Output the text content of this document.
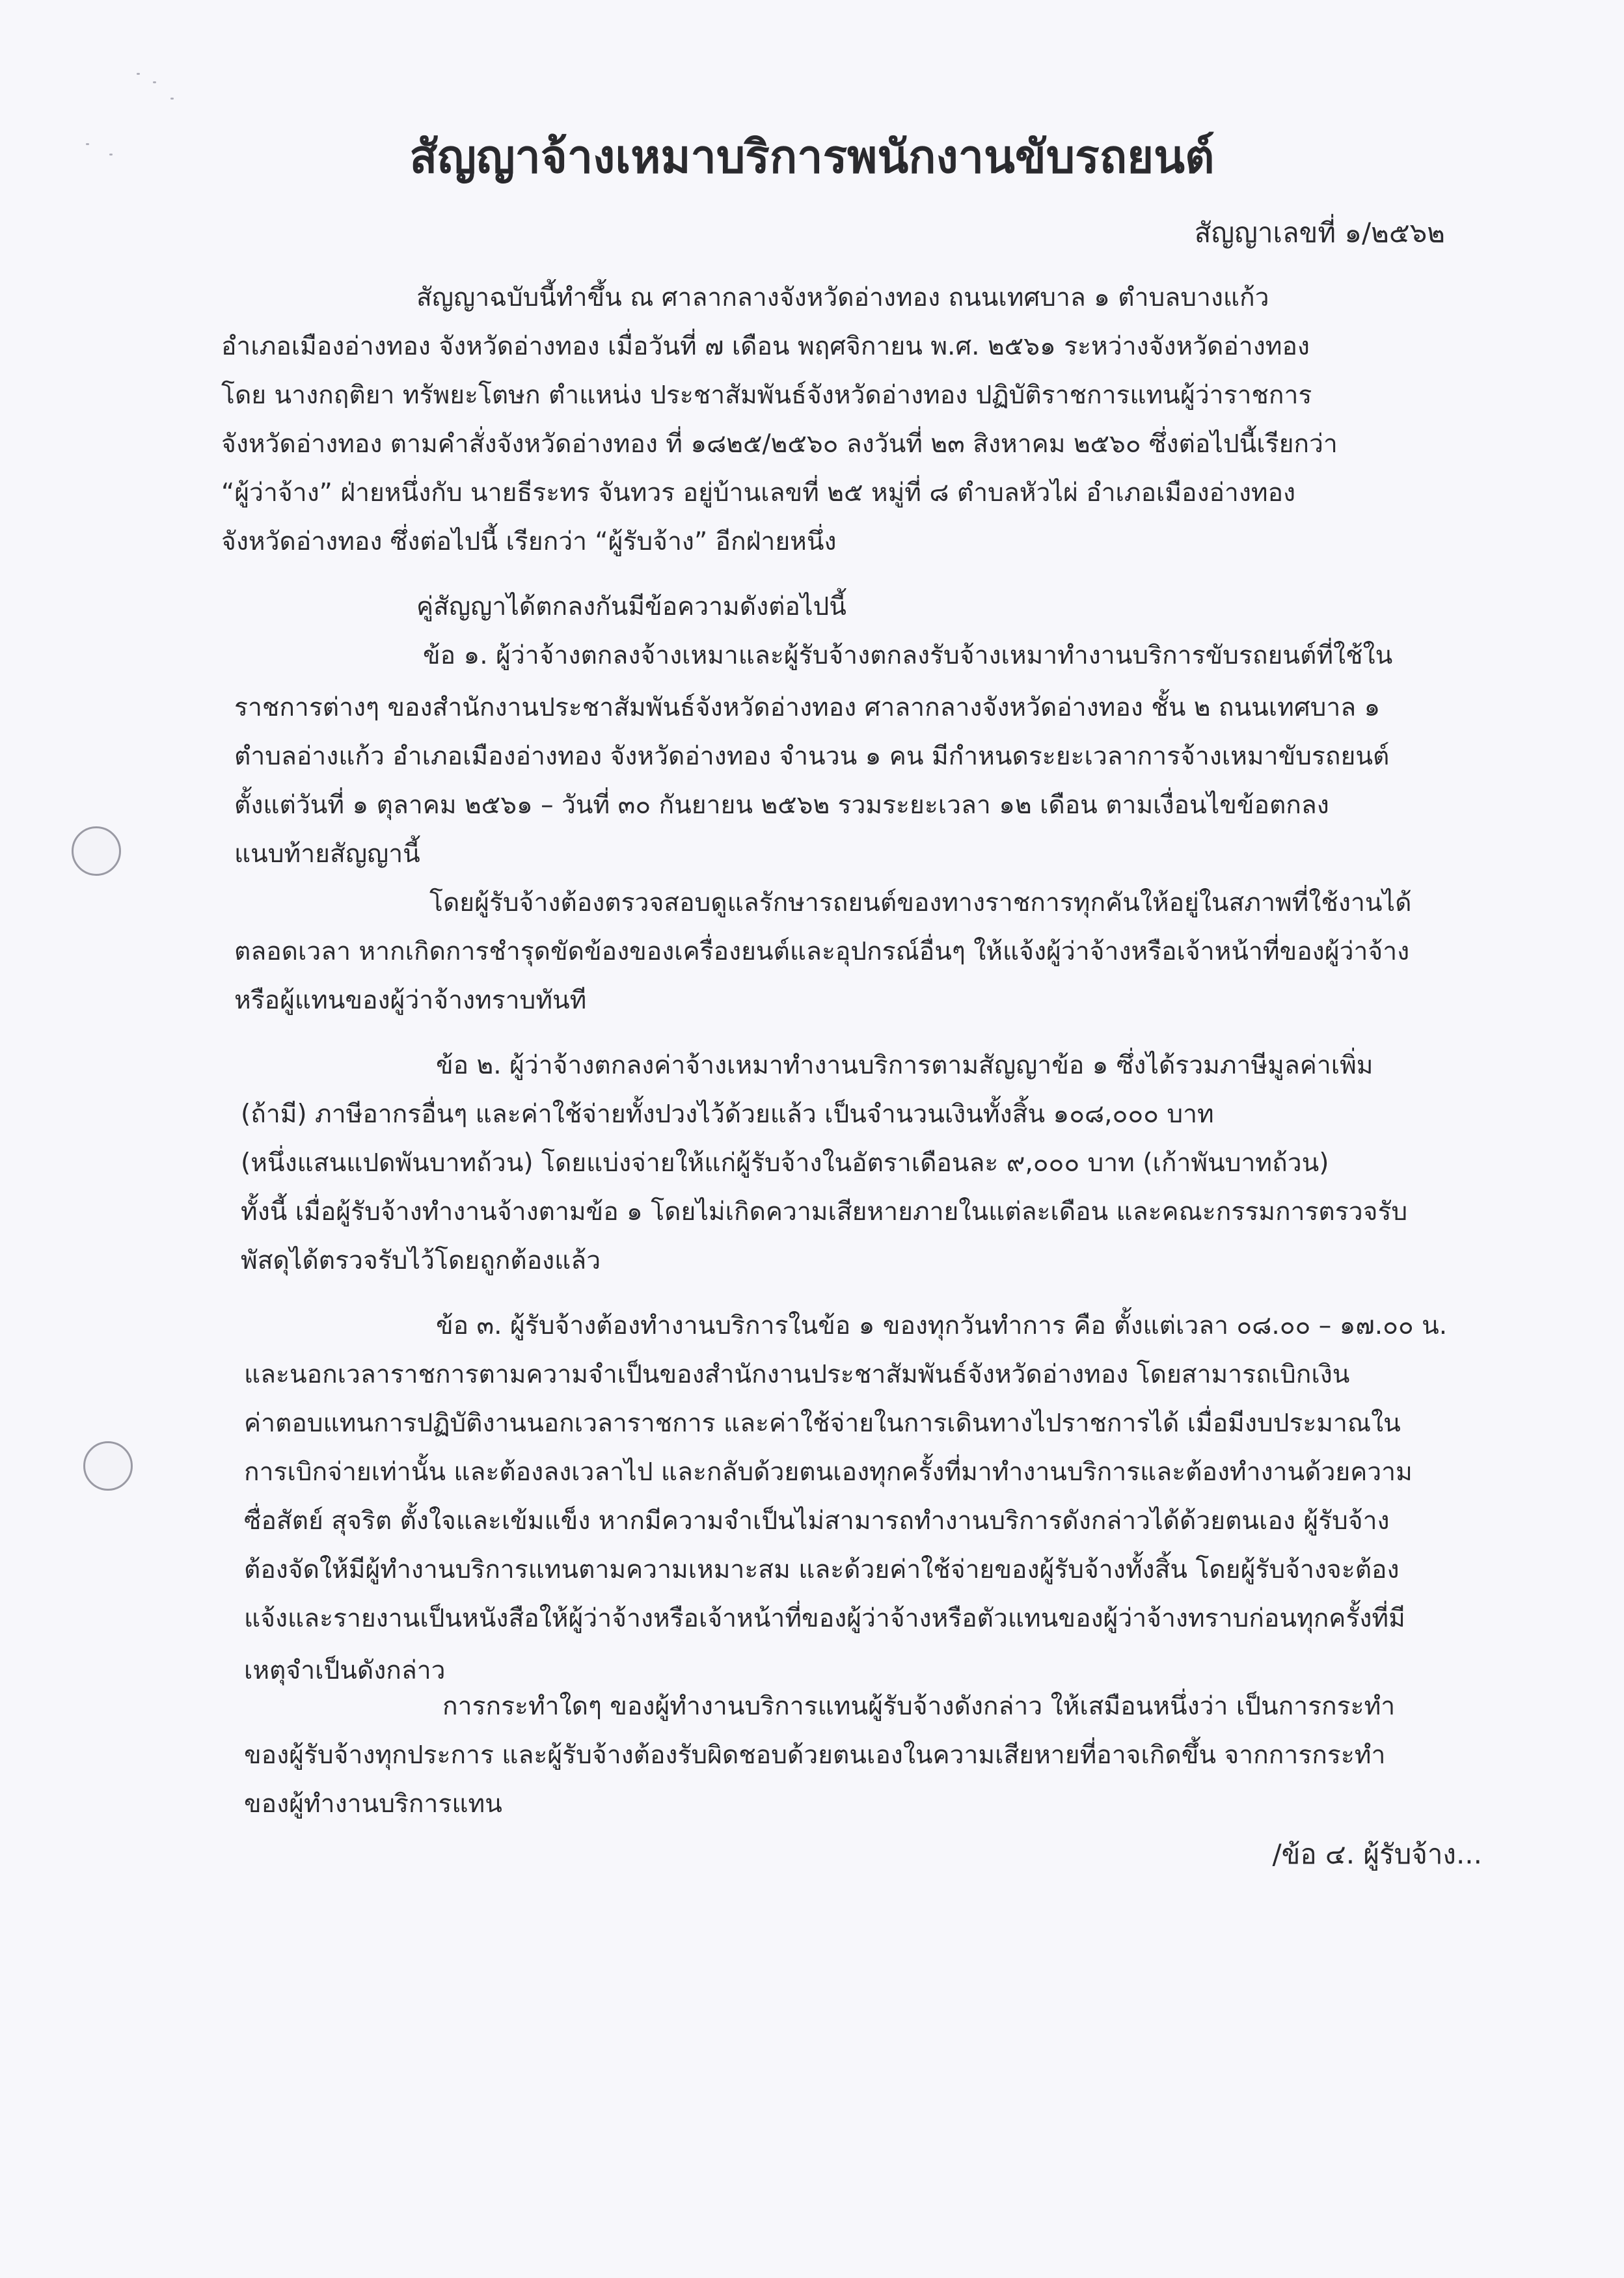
สัญญาจ้างเหมาบริการพนักงานขับรถยนต์
สัญญาเลขที่ ๑/๒๕๖๒
สัญญาฉบับนี้ทำขึ้น ณ ศาลากลางจังหวัดอ่างทอง ถนนเทศบาล ๑ ตำบลบางแก้ว
อำเภอเมืองอ่างทอง จังหวัดอ่างทอง เมื่อวันที่ ๗ เดือน พฤศจิกายน พ.ศ. ๒๕๖๑ ระหว่างจังหวัดอ่างทอง
โดย นางกฤติยา ทรัพยะโตษก ตำแหน่ง ประชาสัมพันธ์จังหวัดอ่างทอง ปฏิบัติราชการแทนผู้ว่าราชการ
จังหวัดอ่างทอง ตามคำสั่งจังหวัดอ่างทอง ที่ ๑๘๒๕/๒๕๖๐ ลงวันที่ ๒๓ สิงหาคม ๒๕๖๐ ซึ่งต่อไปนี้เรียกว่า
“ผู้ว่าจ้าง” ฝ่ายหนึ่งกับ นายธีระทร จันทวร อยู่บ้านเลขที่ ๒๕ หมู่ที่ ๘ ตำบลหัวไผ่ อำเภอเมืองอ่างทอง
จังหวัดอ่างทอง ซึ่งต่อไปนี้ เรียกว่า “ผู้รับจ้าง” อีกฝ่ายหนึ่ง
คู่สัญญาได้ตกลงกันมีข้อความดังต่อไปนี้
ข้อ ๑. ผู้ว่าจ้างตกลงจ้างเหมาและผู้รับจ้างตกลงรับจ้างเหมาทำงานบริการขับรถยนต์ที่ใช้ใน
ราชการต่างๆ ของสำนักงานประชาสัมพันธ์จังหวัดอ่างทอง ศาลากลางจังหวัดอ่างทอง ชั้น ๒ ถนนเทศบาล ๑
ตำบลอ่างแก้ว อำเภอเมืองอ่างทอง จังหวัดอ่างทอง จำนวน ๑ คน มีกำหนดระยะเวลาการจ้างเหมาขับรถยนต์
ตั้งแต่วันที่ ๑ ตุลาคม ๒๕๖๑ – วันที่ ๓๐ กันยายน ๒๕๖๒ รวมระยะเวลา ๑๒ เดือน ตามเงื่อนไขข้อตกลง
แนบท้ายสัญญานี้
โดยผู้รับจ้างต้องตรวจสอบดูแลรักษารถยนต์ของทางราชการทุกคันให้อยู่ในสภาพที่ใช้งานได้
ตลอดเวลา หากเกิดการชำรุดขัดข้องของเครื่องยนต์และอุปกรณ์อื่นๆ ให้แจ้งผู้ว่าจ้างหรือเจ้าหน้าที่ของผู้ว่าจ้าง
หรือผู้แทนของผู้ว่าจ้างทราบทันที
ข้อ ๒. ผู้ว่าจ้างตกลงค่าจ้างเหมาทำงานบริการตามสัญญาข้อ ๑ ซึ่งได้รวมภาษีมูลค่าเพิ่ม
(ถ้ามี) ภาษีอากรอื่นๆ และค่าใช้จ่ายทั้งปวงไว้ด้วยแล้ว เป็นจำนวนเงินทั้งสิ้น ๑๐๘,๐๐๐ บาท
(หนึ่งแสนแปดพันบาทถ้วน) โดยแบ่งจ่ายให้แก่ผู้รับจ้างในอัตราเดือนละ ๙,๐๐๐ บาท (เก้าพันบาทถ้วน)
ทั้งนี้ เมื่อผู้รับจ้างทำงานจ้างตามข้อ ๑ โดยไม่เกิดความเสียหายภายในแต่ละเดือน และคณะกรรมการตรวจรับ
พัสดุได้ตรวจรับไว้โดยถูกต้องแล้ว
ข้อ ๓. ผู้รับจ้างต้องทำงานบริการในข้อ ๑ ของทุกวันทำการ คือ ตั้งแต่เวลา ๐๘.๐๐ – ๑๗.๐๐ น.
และนอกเวลาราชการตามความจำเป็นของสำนักงานประชาสัมพันธ์จังหวัดอ่างทอง โดยสามารถเบิกเงิน
ค่าตอบแทนการปฏิบัติงานนอกเวลาราชการ และค่าใช้จ่ายในการเดินทางไปราชการได้ เมื่อมีงบประมาณใน
การเบิกจ่ายเท่านั้น และต้องลงเวลาไป และกลับด้วยตนเองทุกครั้งที่มาทำงานบริการและต้องทำงานด้วยความ
ซื่อสัตย์ สุจริต ตั้งใจและเข้มแข็ง หากมีความจำเป็นไม่สามารถทำงานบริการดังกล่าวได้ด้วยตนเอง ผู้รับจ้าง
ต้องจัดให้มีผู้ทำงานบริการแทนตามความเหมาะสม และด้วยค่าใช้จ่ายของผู้รับจ้างทั้งสิ้น โดยผู้รับจ้างจะต้อง
แจ้งและรายงานเป็นหนังสือให้ผู้ว่าจ้างหรือเจ้าหน้าที่ของผู้ว่าจ้างหรือตัวแทนของผู้ว่าจ้างทราบก่อนทุกครั้งที่มี
เหตุจำเป็นดังกล่าว
การกระทำใดๆ ของผู้ทำงานบริการแทนผู้รับจ้างดังกล่าว ให้เสมือนหนึ่งว่า เป็นการกระทำ
ของผู้รับจ้างทุกประการ และผู้รับจ้างต้องรับผิดชอบด้วยตนเองในความเสียหายที่อาจเกิดขึ้น จากการกระทำ
ของผู้ทำงานบริการแทน
/ข้อ ๔. ผู้รับจ้าง...
